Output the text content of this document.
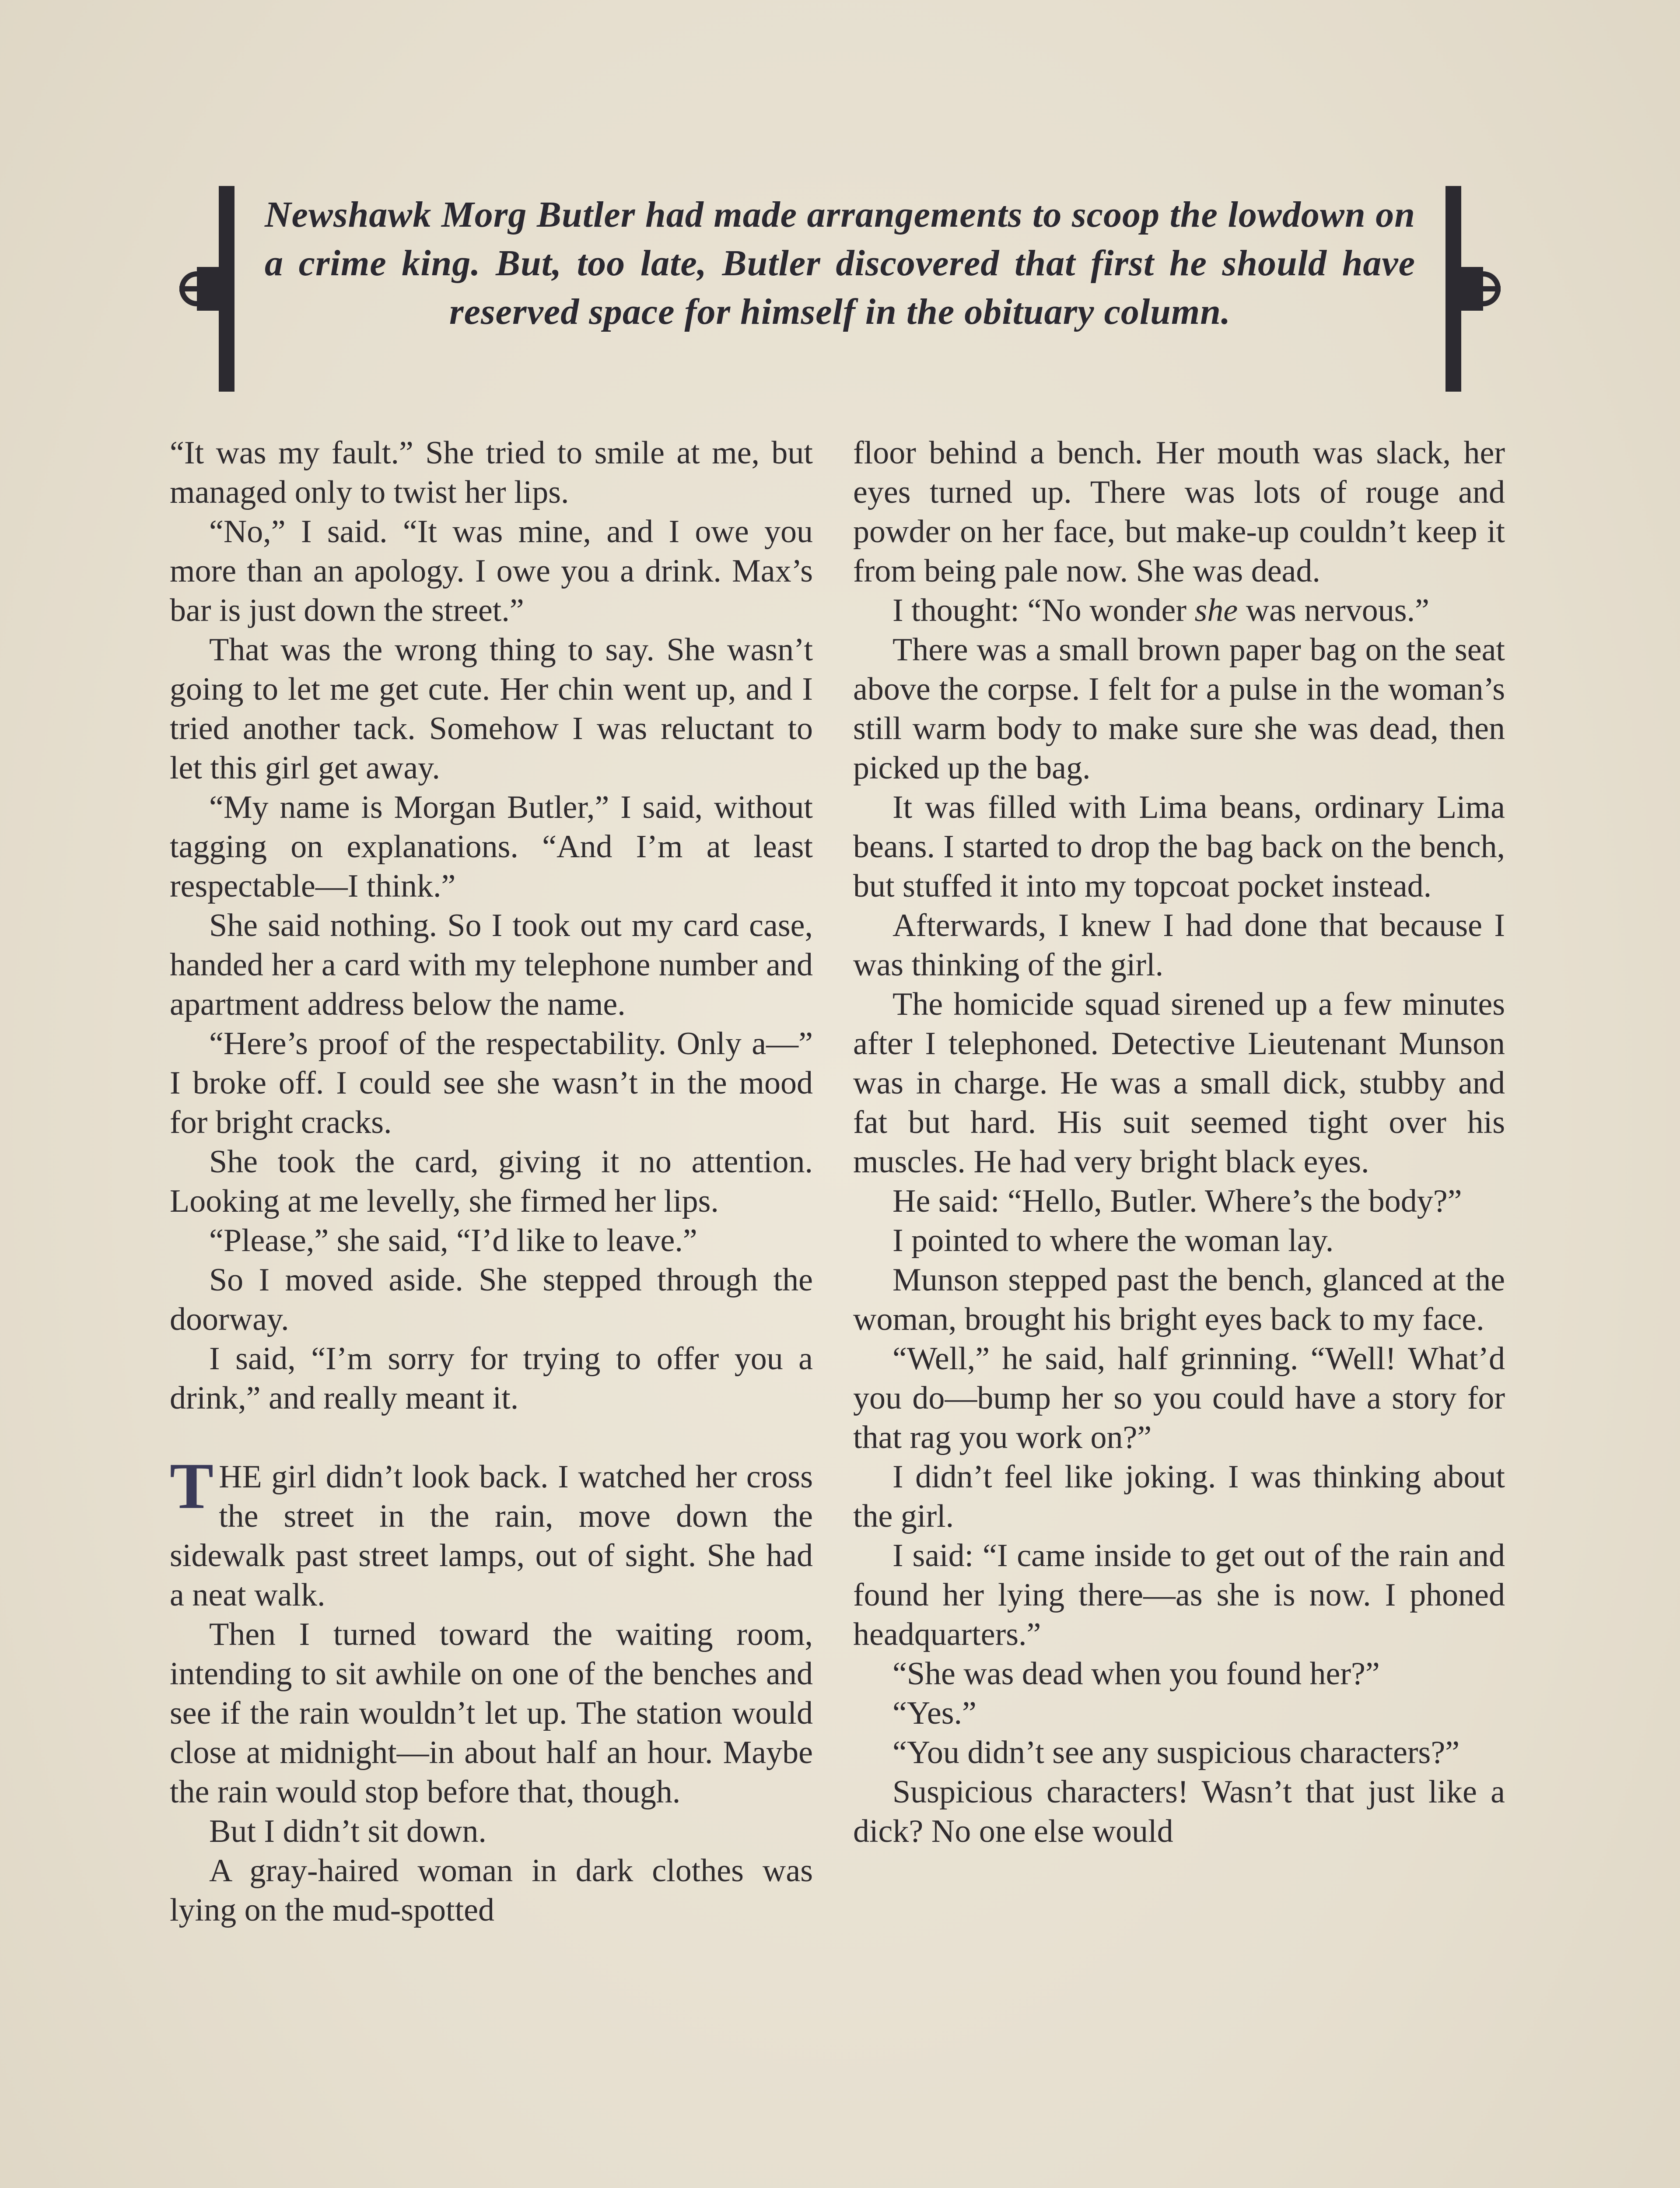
Newshawk Morg Butler had made arrangements to scoop the lowdown on a crime king. But, too late, Butler discovered that first he should have reserved space for himself in the obituary column.

“It was my fault.” She tried to smile at me, but managed only to twist her lips.

“No,” I said. “It was mine, and I owe you more than an apology. I owe you a drink. Max’s bar is just down the street.”

That was the wrong thing to say. She wasn’t going to let me get cute. Her chin went up, and I tried another tack. Somehow I was reluctant to let this girl get away.

“My name is Morgan Butler,” I said, without tagging on explanations. “And I’m at least respectable—I think.”

She said nothing. So I took out my card case, handed her a card with my telephone number and apartment address below the name.

“Here’s proof of the respectability. Only a—” I broke off. I could see she wasn’t in the mood for bright cracks.

She took the card, giving it no attention. Looking at me levelly, she firmed her lips.

“Please,” she said, “I’d like to leave.”

So I moved aside. She stepped through the doorway.

I said, “I’m sorry for trying to offer you a drink,” and really meant it.

THE girl didn’t look back. I watched her cross the street in the rain, move down the sidewalk past street lamps, out of sight. She had a neat walk.

Then I turned toward the waiting room, intending to sit awhile on one of the benches and see if the rain wouldn’t let up. The station would close at midnight—in about half an hour. Maybe the rain would stop before that, though.

But I didn’t sit down.

A gray-haired woman in dark clothes was lying on the mud-spotted

floor behind a bench. Her mouth was slack, her eyes turned up. There was lots of rouge and powder on her face, but make-up couldn’t keep it from being pale now. She was dead.

I thought: “No wonder she was nervous.”

There was a small brown paper bag on the seat above the corpse. I felt for a pulse in the woman’s still warm body to make sure she was dead, then picked up the bag.

It was filled with Lima beans, ordinary Lima beans. I started to drop the bag back on the bench, but stuffed it into my topcoat pocket instead.

Afterwards, I knew I had done that because I was thinking of the girl.

The homicide squad sirened up a few minutes after I telephoned. Detective Lieutenant Munson was in charge. He was a small dick, stubby and fat but hard. His suit seemed tight over his muscles. He had very bright black eyes.

He said: “Hello, Butler. Where’s the body?”

I pointed to where the woman lay.

Munson stepped past the bench, glanced at the woman, brought his bright eyes back to my face.

“Well,” he said, half grinning. “Well! What’d you do—bump her so you could have a story for that rag you work on?”

I didn’t feel like joking. I was thinking about the girl.

I said: “I came inside to get out of the rain and found her lying there—as she is now. I phoned headquarters.”

“She was dead when you found her?”

“Yes.”

“You didn’t see any suspicious characters?”

Suspicious characters! Wasn’t that just like a dick? No one else would
